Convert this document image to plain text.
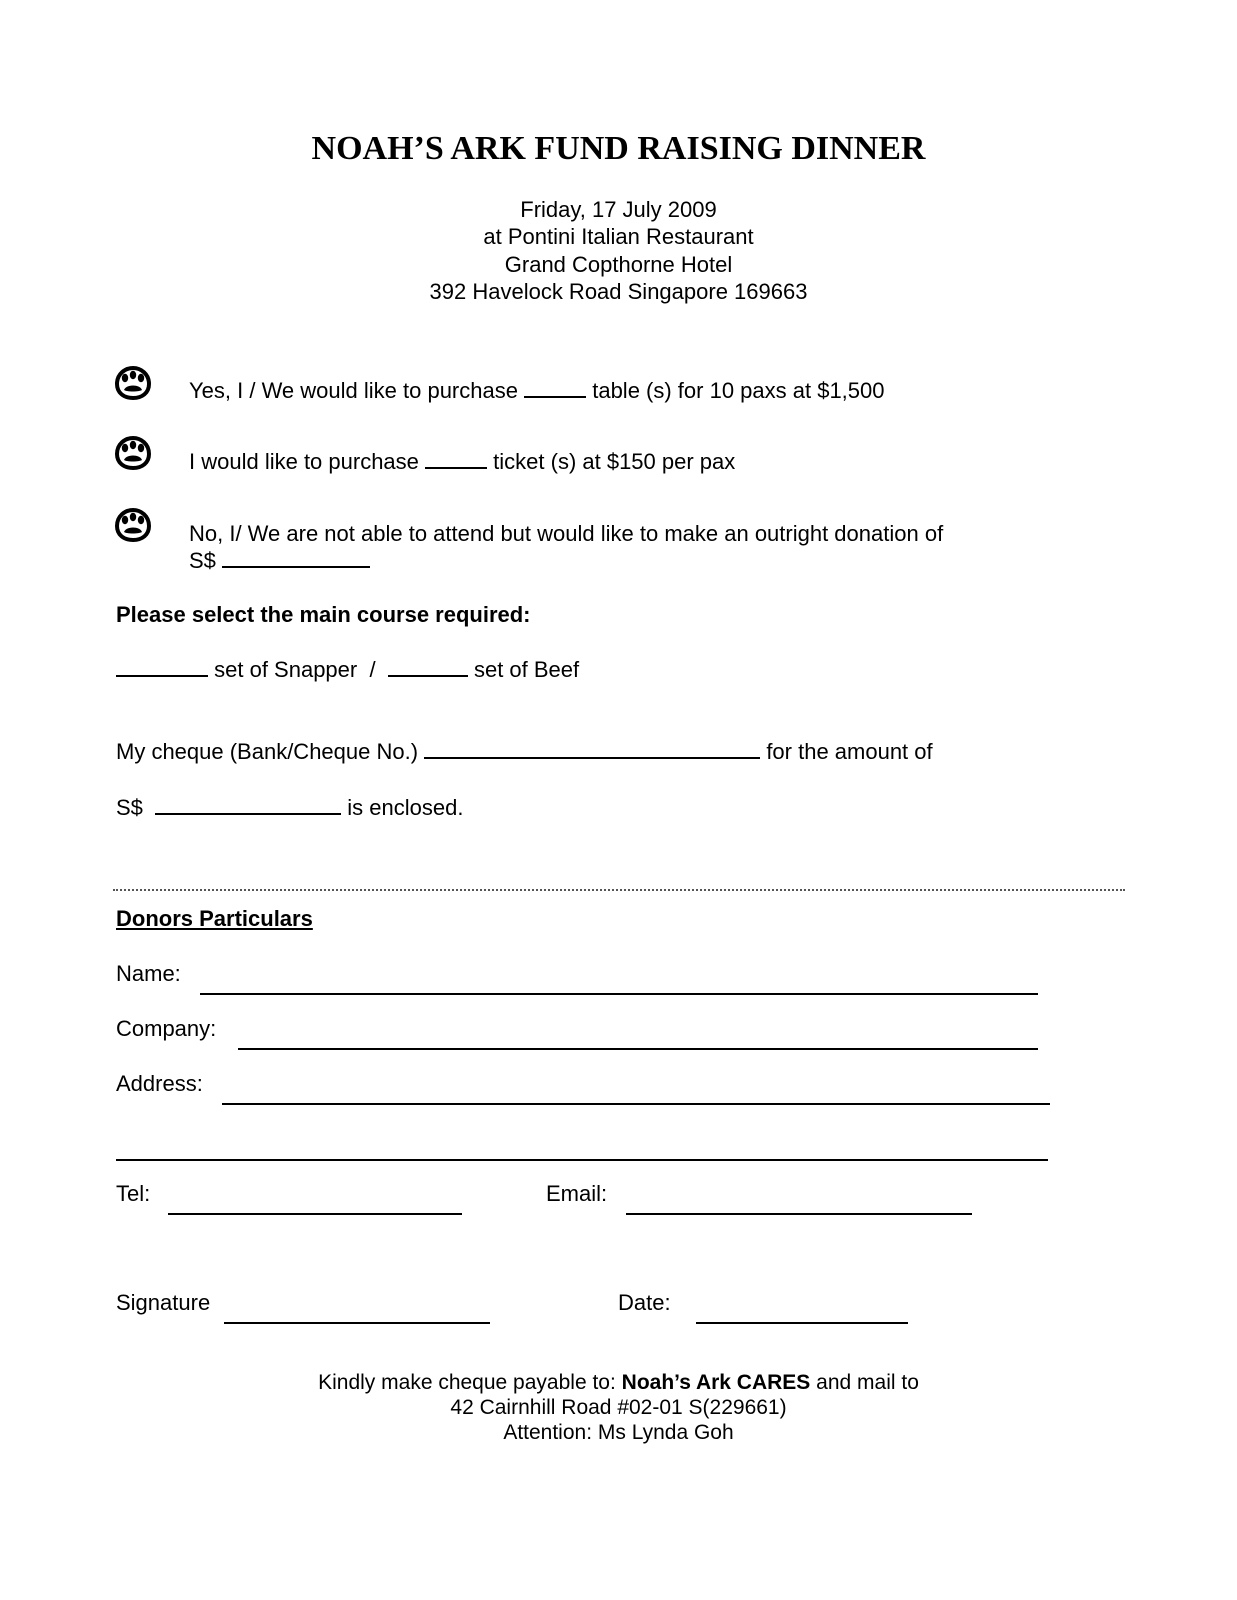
NOAH’S ARK FUND RAISING DINNER
Friday, 17 July 2009
at Pontini Italian Restaurant
Grand Copthorne Hotel
392 Havelock Road Singapore 169663
Yes, I / We would like to purchase	table (s) for 10 paxs at $1,500
I would like to purchase	ticket (s) at $150 per pax
No, I/ We are not able to attend but would like to make an outright donation of
S$
Please select the main course required:
set of Snapper /	set of Beef
My cheque (Bank/Cheque No.)	for the amount of
S$	is enclosed.
Donors Particulars
Name:
Company:
Address:
Tel:	Email:
Signature	Date:
Kindly make cheque payable to: Noah’s Ark CARES and mail to
42 Cairnhill Road #02-01 S(229661)
Attention: Ms Lynda Goh
